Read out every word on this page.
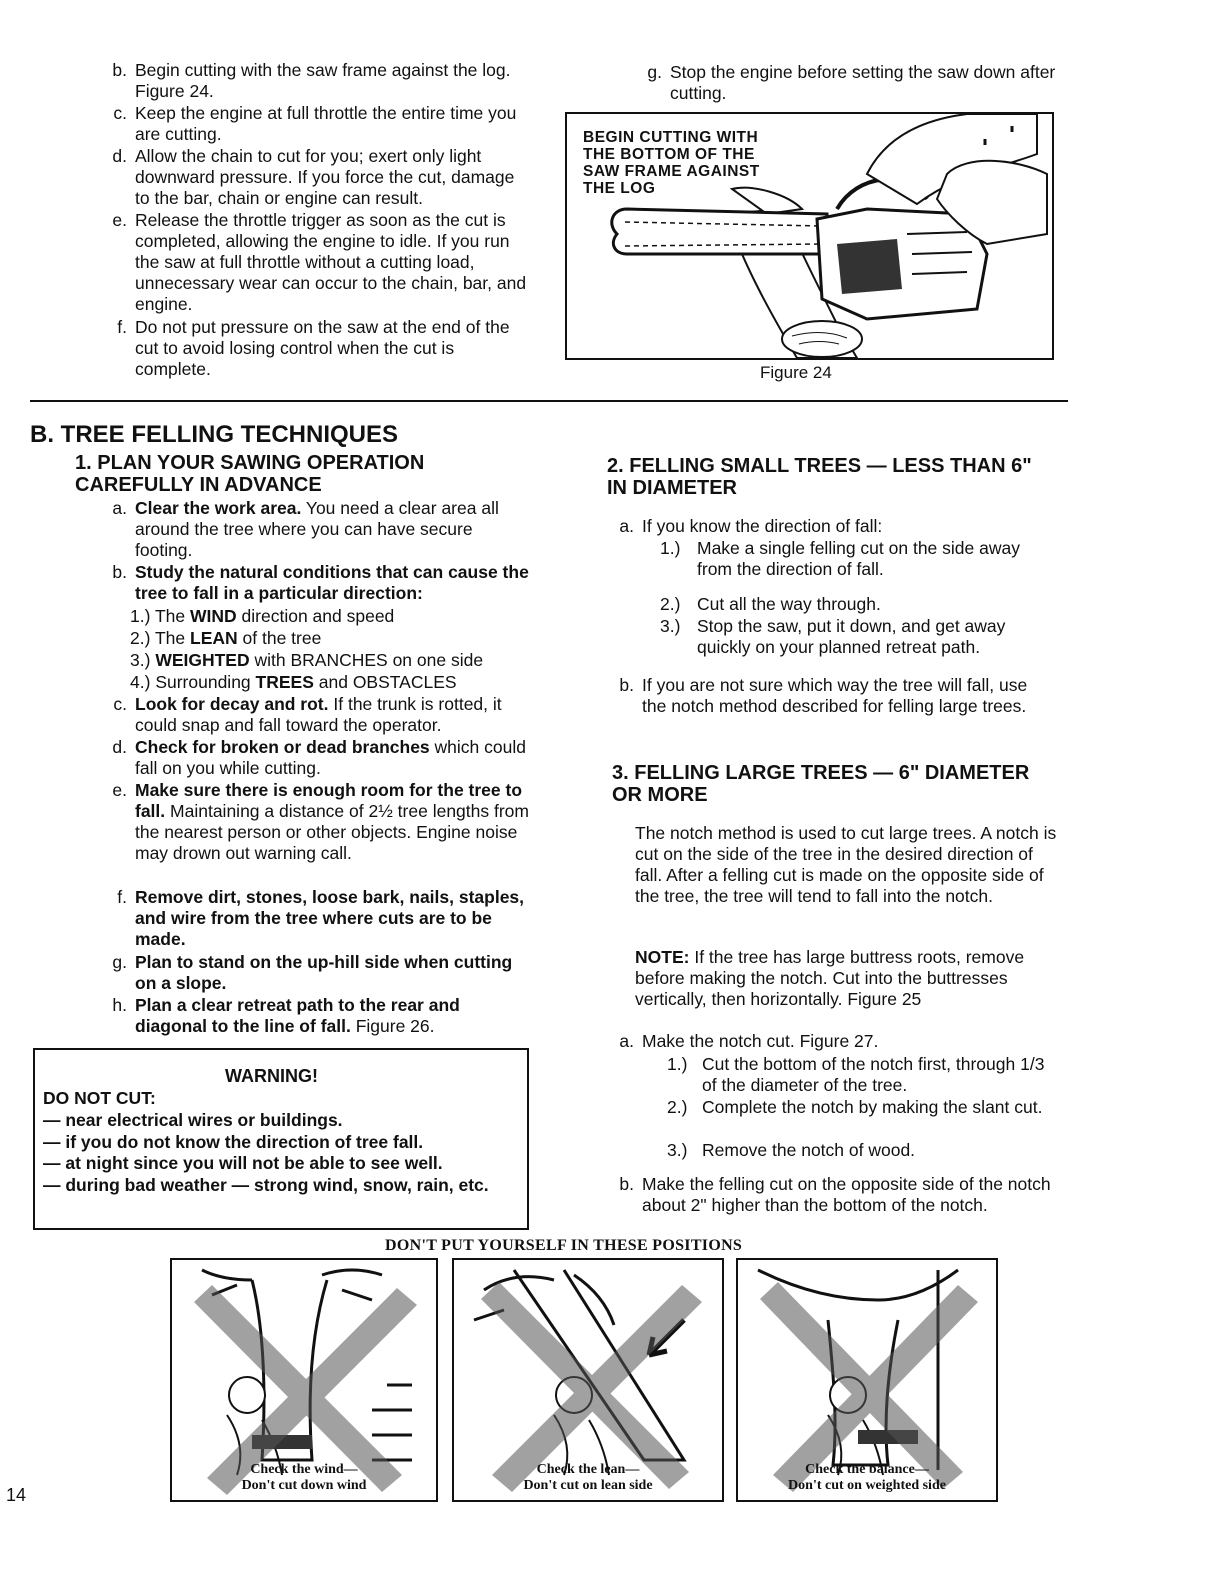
b. Begin cutting with the saw frame against the log. Figure 24.
c. Keep the engine at full throttle the entire time you are cutting.
d. Allow the chain to cut for you; exert only light downward pressure. If you force the cut, damage to the bar, chain or engine can result.
e. Release the throttle trigger as soon as the cut is completed, allowing the engine to idle. If you run the saw at full throttle without a cutting load, unnecessary wear can occur to the chain, bar, and engine.
f. Do not put pressure on the saw at the end of the cut to avoid losing control when the cut is complete.
g. Stop the engine before setting the saw down after cutting.
BEGIN CUTTING WITH THE BOTTOM OF THE SAW FRAME AGAINST THE LOG
Figure 24
B. TREE FELLING TECHNIQUES
1. PLAN YOUR SAWING OPERATION CAREFULLY IN ADVANCE
a. Clear the work area. You need a clear area all around the tree where you can have secure footing.
b. Study the natural conditions that can cause the tree to fall in a particular direction:
1.) The WIND direction and speed
2.) The LEAN of the tree
3.) WEIGHTED with BRANCHES on one side
4.) Surrounding TREES and OBSTACLES
c. Look for decay and rot. If the trunk is rotted, it could snap and fall toward the operator.
d. Check for broken or dead branches which could fall on you while cutting.
e. Make sure there is enough room for the tree to fall. Maintaining a distance of 2½ tree lengths from the nearest person or other objects. Engine noise may drown out warning call.
f. Remove dirt, stones, loose bark, nails, staples, and wire from the tree where cuts are to be made.
g. Plan to stand on the up-hill side when cutting on a slope.
h. Plan a clear retreat path to the rear and diagonal to the line of fall. Figure 26.
WARNING!
DO NOT CUT:
— near electrical wires or buildings.
— if you do not know the direction of tree fall.
— at night since you will not be able to see well.
— during bad weather — strong wind, snow, rain, etc.
2. FELLING SMALL TREES — LESS THAN 6" IN DIAMETER
a. If you know the direction of fall:
1.) Make a single felling cut on the side away from the direction of fall.
2.) Cut all the way through.
3.) Stop the saw, put it down, and get away quickly on your planned retreat path.
b. If you are not sure which way the tree will fall, use the notch method described for felling large trees.
3. FELLING LARGE TREES — 6" DIAMETER OR MORE
The notch method is used to cut large trees. A notch is cut on the side of the tree in the desired direction of fall. After a felling cut is made on the opposite side of the tree, the tree will tend to fall into the notch.
NOTE: If the tree has large buttress roots, remove before making the notch. Cut into the buttresses vertically, then horizontally. Figure 25
a. Make the notch cut. Figure 27.
1.) Cut the bottom of the notch first, through 1/3 of the diameter of the tree.
2.) Complete the notch by making the slant cut.
3.) Remove the notch of wood.
b. Make the felling cut on the opposite side of the notch about 2" higher than the bottom of the notch.
DON'T PUT YOURSELF IN THESE POSITIONS
Check the wind—
Don't cut down wind
Check the lean—
Don't cut on lean side
Check the balance—
Don't cut on weighted side
14
